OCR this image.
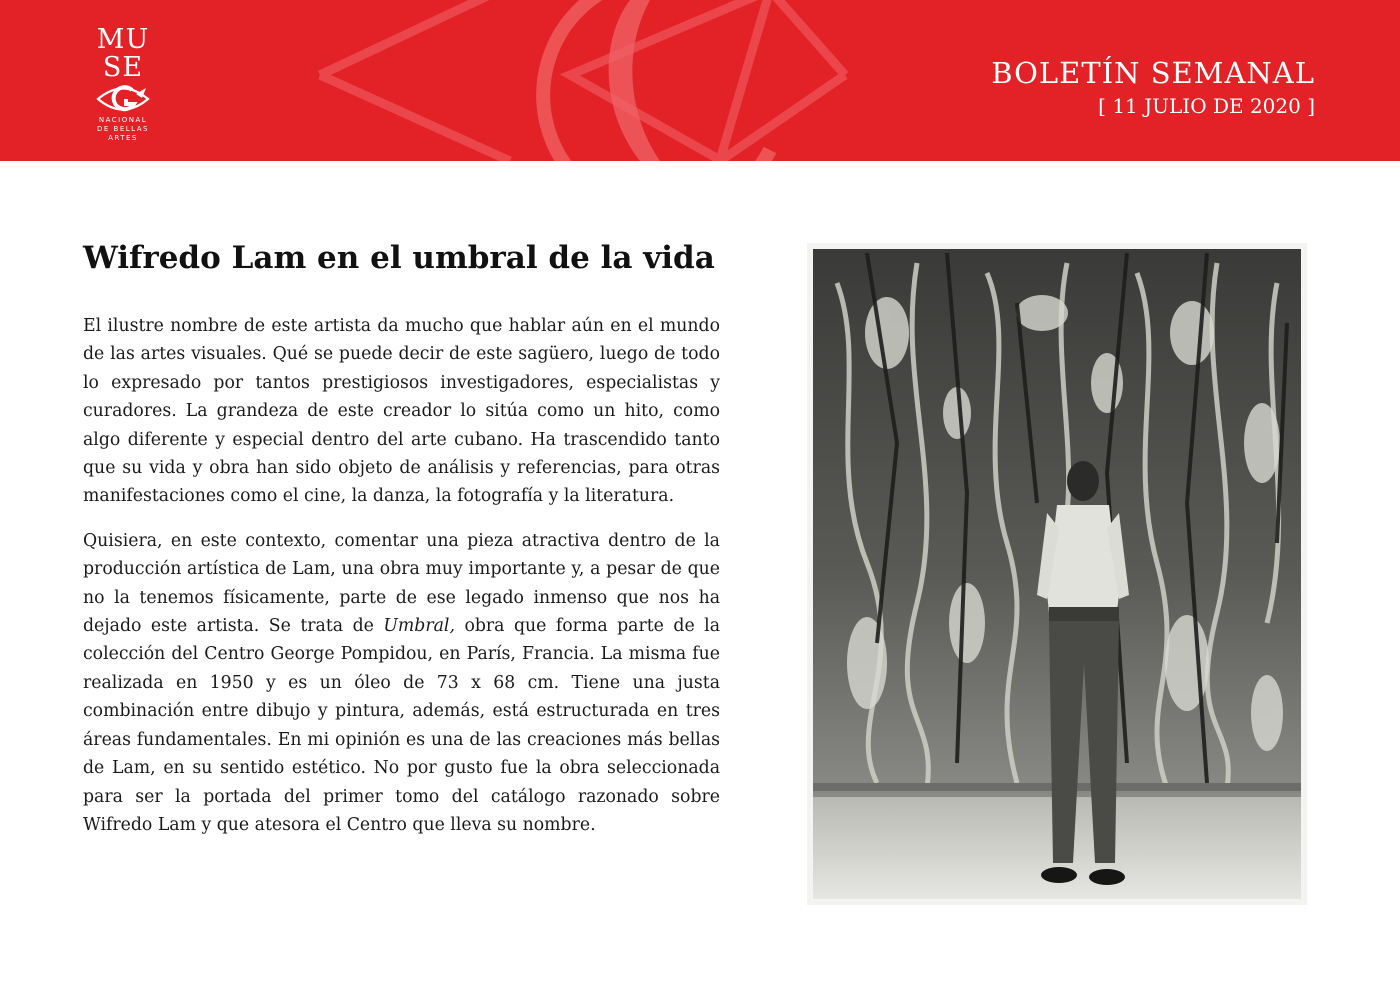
MU
SE
NACIONAL
DE BELLAS
ARTES
BOLETÍN SEMANAL
[ 11 JULIO DE 2020 ]
Wifredo Lam en el umbral de la vida

El ilustre nombre de este artista da mucho que hablar aún en el mundo de las artes visuales. Qué se puede decir de este sagüero, luego de todo lo expresado por tantos prestigiosos investigadores, especialistas y curadores. La grandeza de este creador lo sitúa como un hito, como algo diferente y especial dentro del arte cubano. Ha trascendido tanto que su vida y obra han sido objeto de análisis y referencias, para otras manifestaciones como el cine, la danza, la fotografía y la literatura.

Quisiera, en este contexto, comentar una pieza atractiva dentro de la producción artística de Lam, una obra muy importante y, a pesar de que no la tenemos físicamente, parte de ese legado inmenso que nos ha dejado este artista. Se trata de Umbral, obra que forma parte de la colección del Centro George Pompidou, en París, Francia. La misma fue realizada en 1950 y es un óleo de 73 x 68 cm. Tiene una justa combinación entre dibujo y pintura, además, está estructurada en tres áreas fundamentales. En mi opinión es una de las creaciones más bellas de Lam, en su sentido estético. No por gusto fue la obra seleccionada para ser la portada del primer tomo del catálogo razonado sobre Wifredo Lam y que atesora el Centro que lleva su nombre.
